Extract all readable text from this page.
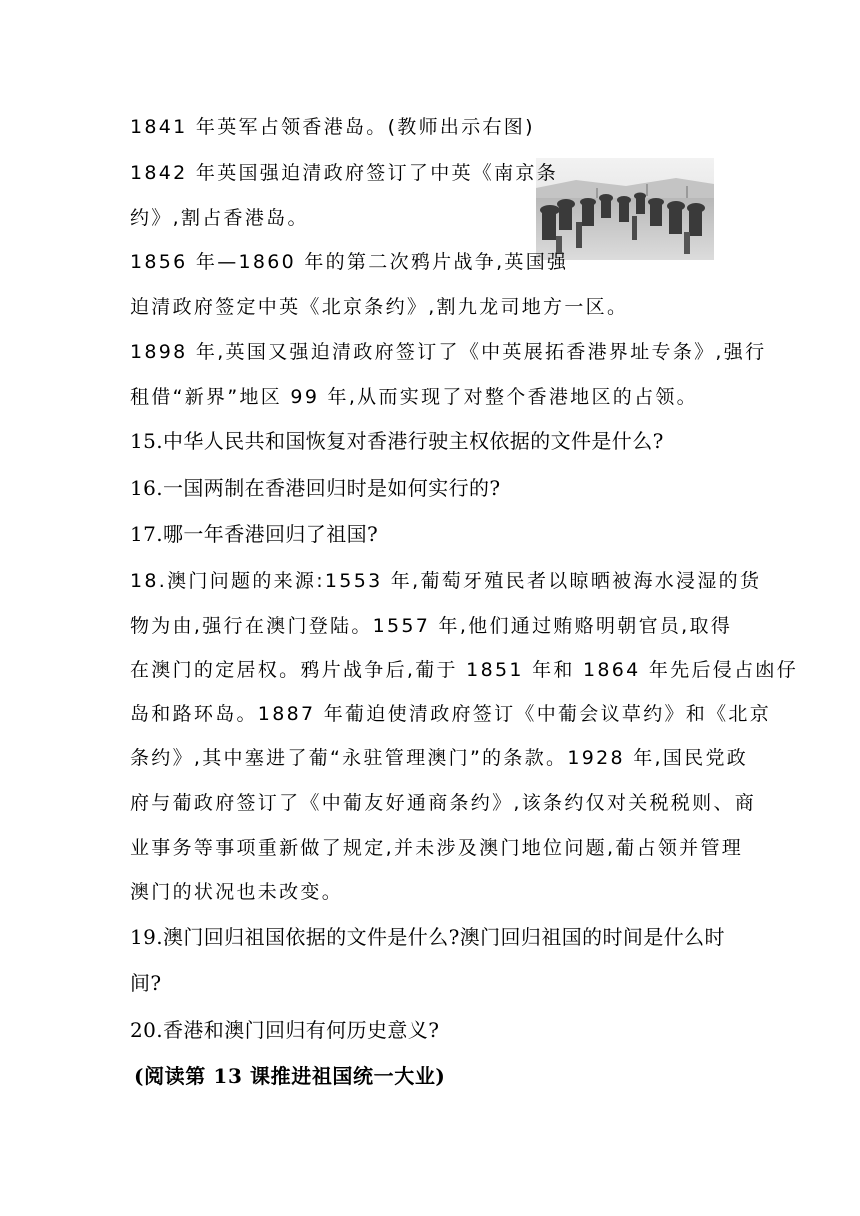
1841 年英军占领香港岛。(教师出示右图)
1842 年英国强迫清政府签订了中英《南京条
约》,割占香港岛。
1856 年—1860 年的第二次鸦片战争,英国强
迫清政府签定中英《北京条约》,割九龙司地方一区。
1898 年,英国又强迫清政府签订了《中英展拓香港界址专条》,强行
租借“新界”地区 99 年,从而实现了对整个香港地区的占领。
15.中华人民共和国恢复对香港行驶主权依据的文件是什么?
16.一国两制在香港回归时是如何实行的?
17.哪一年香港回归了祖国?
18.澳门问题的来源:1553 年,葡萄牙殖民者以晾晒被海水浸湿的货
物为由,强行在澳门登陆。1557 年,他们通过贿赂明朝官员,取得
在澳门的定居权。鸦片战争后,葡于 1851 年和 1864 年先后侵占凼仔
岛和路环岛。1887 年葡迫使清政府签订《中葡会议草约》和《北京
条约》,其中塞进了葡“永驻管理澳门”的条款。1928 年,国民党政
府与葡政府签订了《中葡友好通商条约》,该条约仅对关税税则、商
业事务等事项重新做了规定,并未涉及澳门地位问题,葡占领并管理
澳门的状况也未改变。
19.澳门回归祖国依据的文件是什么?澳门回归祖国的时间是什么时
间?
20.香港和澳门回归有何历史意义?
(阅读第 13 课推进祖国统一大业)
